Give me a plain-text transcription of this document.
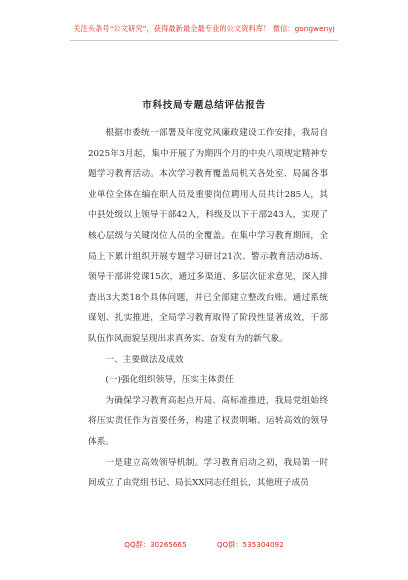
关注头条号“公文研究”，获得最新最全最专业的公文资料库！ 微信：gongwenyj
市科技局专题总结评估报告

根据市委统一部署及年度党风廉政建设工作安排，我局自2025年3月起，集中开展了为期四个月的中央八项规定精神专题学习教育活动。本次学习教育覆盖局机关各处室、局属各事业单位全体在编在职人员及重要岗位聘用人员共计285人，其中县处级以上领导干部42人，科级及以下干部243人，实现了核心层级与关键岗位人员的全覆盖。在集中学习教育期间，全局上下累计组织开展专题学习研讨21次、警示教育活动8场、领导干部讲党课15次，通过多渠道、多层次征求意见，深入排查出3大类18个具体问题，并已全部建立整改台账。通过系统谋划、扎实推进，全局学习教育取得了阶段性显著成效，干部队伍作风面貌呈现出求真务实、奋发有为的新气象。

一、主要做法及成效

(一)强化组织领导，压实主体责任

为确保学习教育高起点开局、高标准推进，我局党组始终将压实责任作为首要任务，构建了权责明晰、运转高效的领导体系。

一是建立高效领导机制。学习教育启动之初，我局第一时间成立了由党组书记、局长XX同志任组长，其他班子成员

QQ群：30265665	QQ群：535304092
